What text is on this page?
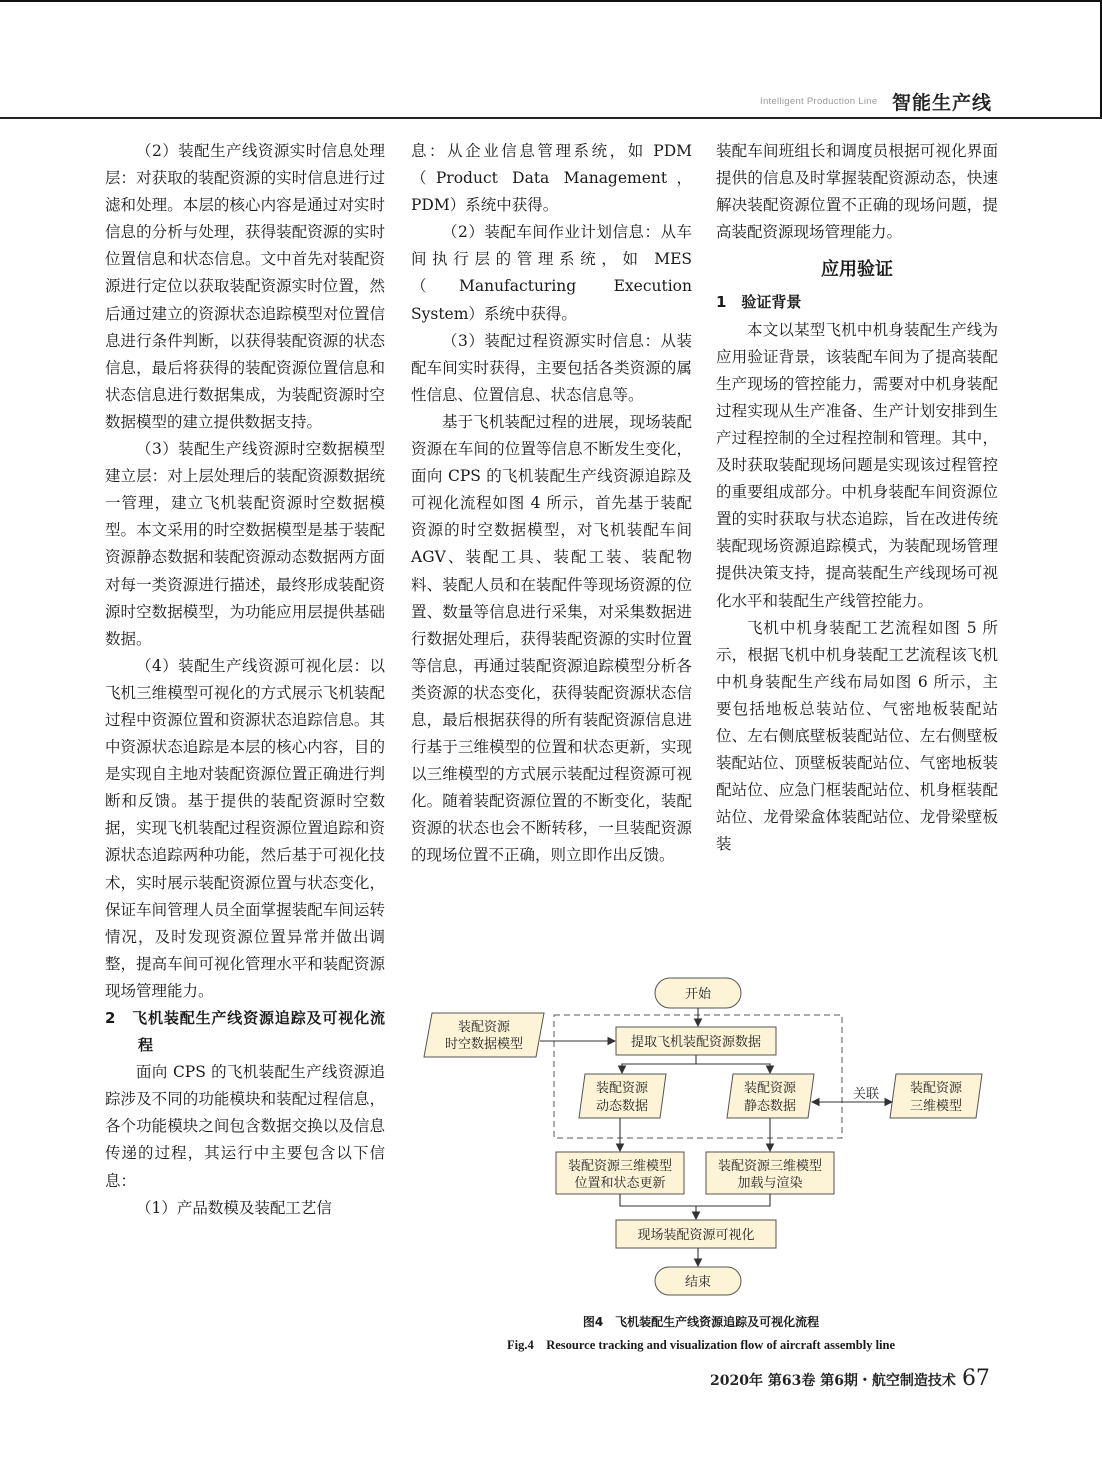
Intelligent Production Line 智能生产线

（2）装配生产线资源实时信息处理层：对获取的装配资源的实时信息进行过滤和处理。本层的核心内容是通过对实时信息的分析与处理，获得装配资源的实时位置信息和状态信息。文中首先对装配资源进行定位以获取装配资源实时位置，然后通过建立的资源状态追踪模型对位置信息进行条件判断，以获得装配资源的状态信息，最后将获得的装配资源位置信息和状态信息进行数据集成，为装配资源时空数据模型的建立提供数据支持。

（3）装配生产线资源时空数据模型建立层：对上层处理后的装配资源数据统一管理，建立飞机装配资源时空数据模型。本文采用的时空数据模型是基于装配资源静态数据和装配资源动态数据两方面对每一类资源进行描述，最终形成装配资源时空数据模型，为功能应用层提供基础数据。

（4）装配生产线资源可视化层：以飞机三维模型可视化的方式展示飞机装配过程中资源位置和资源状态追踪信息。其中资源状态追踪是本层的核心内容，目的是实现自主地对装配资源位置正确进行判断和反馈。基于提供的装配资源时空数据，实现飞机装配过程资源位置追踪和资源状态追踪两种功能，然后基于可视化技术，实时展示装配资源位置与状态变化，保证车间管理人员全面掌握装配车间运转情况，及时发现资源位置异常并做出调整，提高车间可视化管理水平和装配资源现场管理能力。

2　飞机装配生产线资源追踪及可视化流程

面向 CPS 的飞机装配生产线资源追踪涉及不同的功能模块和装配过程信息，各个功能模块之间包含数据交换以及信息传递的过程，其运行中主要包含以下信息：

（1）产品数模及装配工艺信

息：从企业信息管理系统，如 PDM（Product Data Management，PDM）系统中获得。

（2）装配车间作业计划信息：从车间执行层的管理系统，如 MES（Manufacturing Execution System）系统中获得。

（3）装配过程资源实时信息：从装配车间实时获得，主要包括各类资源的属性信息、位置信息、状态信息等。

基于飞机装配过程的进展，现场装配资源在车间的位置等信息不断发生变化，面向 CPS 的飞机装配生产线资源追踪及可视化流程如图 4 所示，首先基于装配资源的时空数据模型，对飞机装配车间 AGV、装配工具、装配工装、装配物料、装配人员和在装配件等现场资源的位置、数量等信息进行采集，对采集数据进行数据处理后，获得装配资源的实时位置等信息，再通过装配资源追踪模型分析各类资源的状态变化，获得装配资源状态信息，最后根据获得的所有装配资源信息进行基于三维模型的位置和状态更新，实现以三维模型的方式展示装配过程资源可视化。随着装配资源位置的不断变化，装配资源的状态也会不断转移，一旦装配资源的现场位置不正确，则立即作出反馈。

装配车间班组长和调度员根据可视化界面提供的信息及时掌握装配资源动态，快速解决装配资源位置不正确的现场问题，提高装配资源现场管理能力。

应用验证

1　验证背景

本文以某型飞机中机身装配生产线为应用验证背景，该装配车间为了提高装配生产现场的管控能力，需要对中机身装配过程实现从生产准备、生产计划安排到生产过程控制的全过程控制和管理。其中，及时获取装配现场问题是实现该过程管控的重要组成部分。中机身装配车间资源位置的实时获取与状态追踪，旨在改进传统装配现场资源追踪模式，为装配现场管理提供决策支持，提高装配生产线现场可视化水平和装配生产线管控能力。

飞机中机身装配工艺流程如图 5 所示，根据飞机中机身装配工艺流程该飞机中机身装配生产线布局如图 6 所示，主要包括地板总装站位、气密地板装配站位、左右侧底壁板装配站位、左右侧壁板装配站位、顶壁板装配站位、气密地板装配站位、应急门框装配站位、机身框装配站位、龙骨梁盒体装配站位、龙骨梁壁板装

开始
装配资源
时空数据模型	提取飞机装配资源数据
装配资源
动态数据
装配资源
静态数据
装配资源
三维模型
关联
装配资源三维模型
位置和状态更新
装配资源三维模型
加载与渲染
现场装配资源可视化
结束
图4　飞机装配生产线资源追踪及可视化流程
Fig.4　Resource tracking and visualization flow of aircraft assembly line
2020年 第63卷 第6期・航空制造技术 67
